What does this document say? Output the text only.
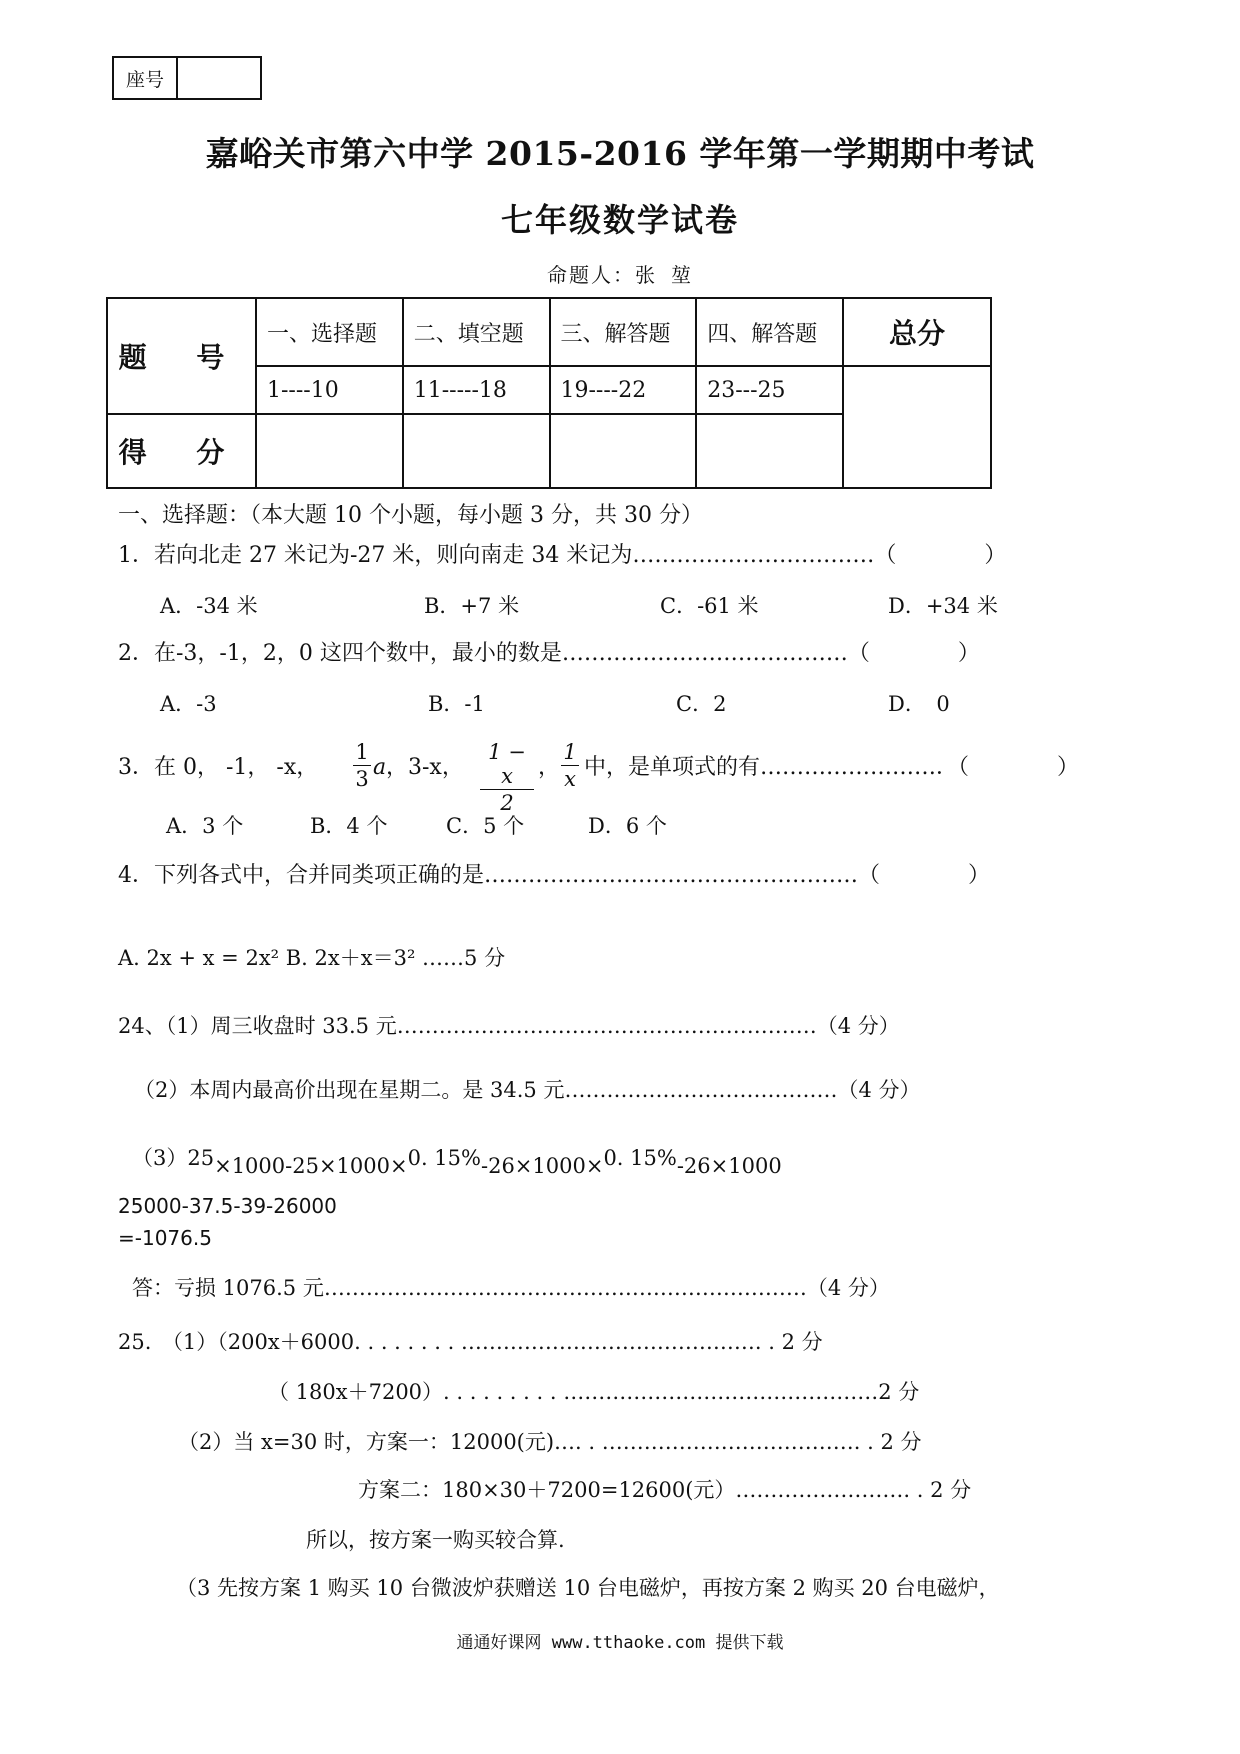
座号
嘉峪关市第六中学 2015-2016 学年第一学期期中考试
七年级数学试卷
命题人：张 堃
题 号	一、选择题	二、填空题	三、解答题	四、解答题	总分
	1----10	11-----18	19----22	23---25	
得 分					
一、选择题：（本大题 10 个小题，每小题 3 分，共 30 分）
1．若向北走 27 米记为-27 米，则向南走 34 米记为……………………………（　　　　）
A．-34 米	B．+7 米	C．-61 米	D．+34 米
2．在-3，-1，2，0 这四个数中，最小的数是…………………………………（　　　　）
A．-3	B．-1	C．2	D．　0
3．在 0， -1， -x，
1
3 a ，3-x，
1 − x
2
，
1
x 中，是单项式的有……………………．（　　　　）
A．3 个	B．4 个	C．5 个	D．6 个
4．下列各式中，合并同类项正确的是……………………………………………（　　　　）
A. 2x + x = 2x² B. 2x＋x＝3² ……5 分
24、（1）周三收盘时 33.5 元……………………………………………………（4 分）
（2）本周内最高价出现在星期二。是 34.5 元…………………………………（4 分）
（3）25×1000-25×1000×0. 15%-26×1000×0. 15%-26×1000
25000-37.5-39-26000
=-1076.5
答：亏损 1076.5 元……………………………………………………………（4 分）
25.　（1）（200x＋6000. . . . . . . . ……………………………………. . 2 分
（ 180x＋7200）. . . . . . . . . ………………………………………2 分
（2）当 x=30 时，方案一：12000(元)…. . ………………………………. . 2 分
方案二：180×30＋7200=12600(元）……………………. . 2 分
所以，按方案一购买较合算.
（3 先按方案 1 购买 10 台微波炉获赠送 10 台电磁炉，再按方案 2 购买 20 台电磁炉，
通通好课网 www.tthaoke.com 提供下载
